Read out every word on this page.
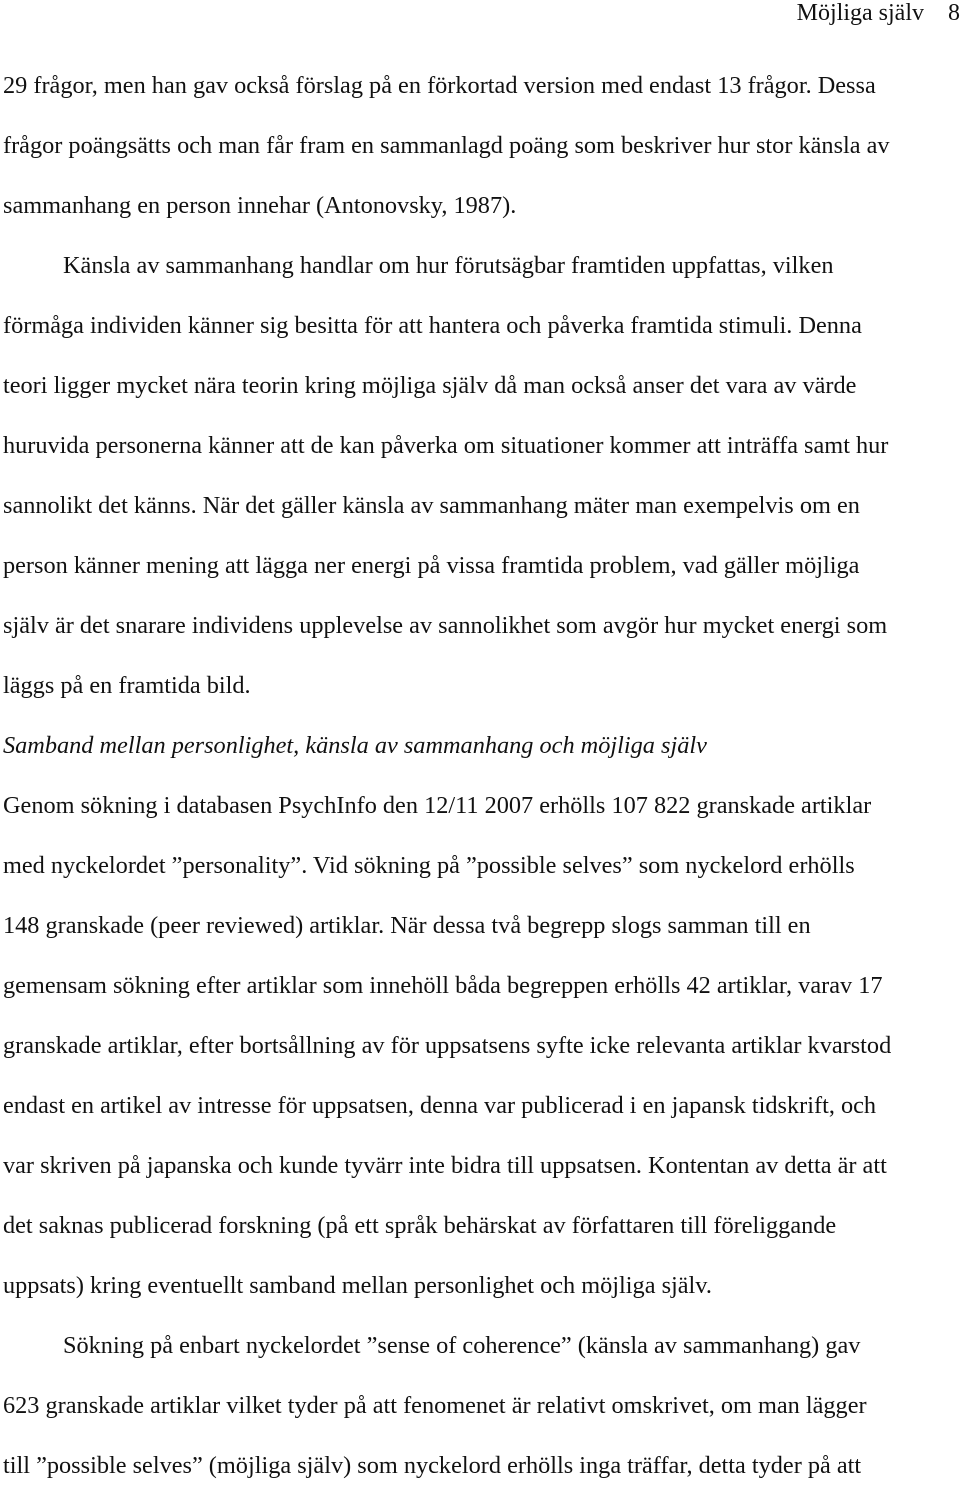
Möjliga själv 8
29 frågor, men han gav också förslag på en förkortad version med endast 13 frågor. Dessa
frågor poängsätts och man får fram en sammanlagd poäng som beskriver hur stor känsla av
sammanhang en person innehar (Antonovsky, 1987).
Känsla av sammanhang handlar om hur förutsägbar framtiden uppfattas, vilken
förmåga individen känner sig besitta för att hantera och påverka framtida stimuli. Denna
teori ligger mycket nära teorin kring möjliga själv då man också anser det vara av värde
huruvida personerna känner att de kan påverka om situationer kommer att inträffa samt hur
sannolikt det känns. När det gäller känsla av sammanhang mäter man exempelvis om en
person känner mening att lägga ner energi på vissa framtida problem, vad gäller möjliga
själv är det snarare individens upplevelse av sannolikhet som avgör hur mycket energi som
läggs på en framtida bild.
Samband mellan personlighet, känsla av sammanhang och möjliga själv
Genom sökning i databasen PsychInfo den 12/11 2007 erhölls 107 822 granskade artiklar
med nyckelordet ”personality”. Vid sökning på ”possible selves” som nyckelord erhölls
148 granskade (peer reviewed) artiklar. När dessa två begrepp slogs samman till en
gemensam sökning efter artiklar som innehöll båda begreppen erhölls 42 artiklar, varav 17
granskade artiklar, efter bortsållning av för uppsatsens syfte icke relevanta artiklar kvarstod
endast en artikel av intresse för uppsatsen, denna var publicerad i en japansk tidskrift, och
var skriven på japanska och kunde tyvärr inte bidra till uppsatsen. Kontentan av detta är att
det saknas publicerad forskning (på ett språk behärskat av författaren till föreliggande
uppsats) kring eventuellt samband mellan personlighet och möjliga själv.
Sökning på enbart nyckelordet ”sense of coherence” (känsla av sammanhang) gav
623 granskade artiklar vilket tyder på att fenomenet är relativt omskrivet, om man lägger
till ”possible selves” (möjliga själv) som nyckelord erhölls inga träffar, detta tyder på att
